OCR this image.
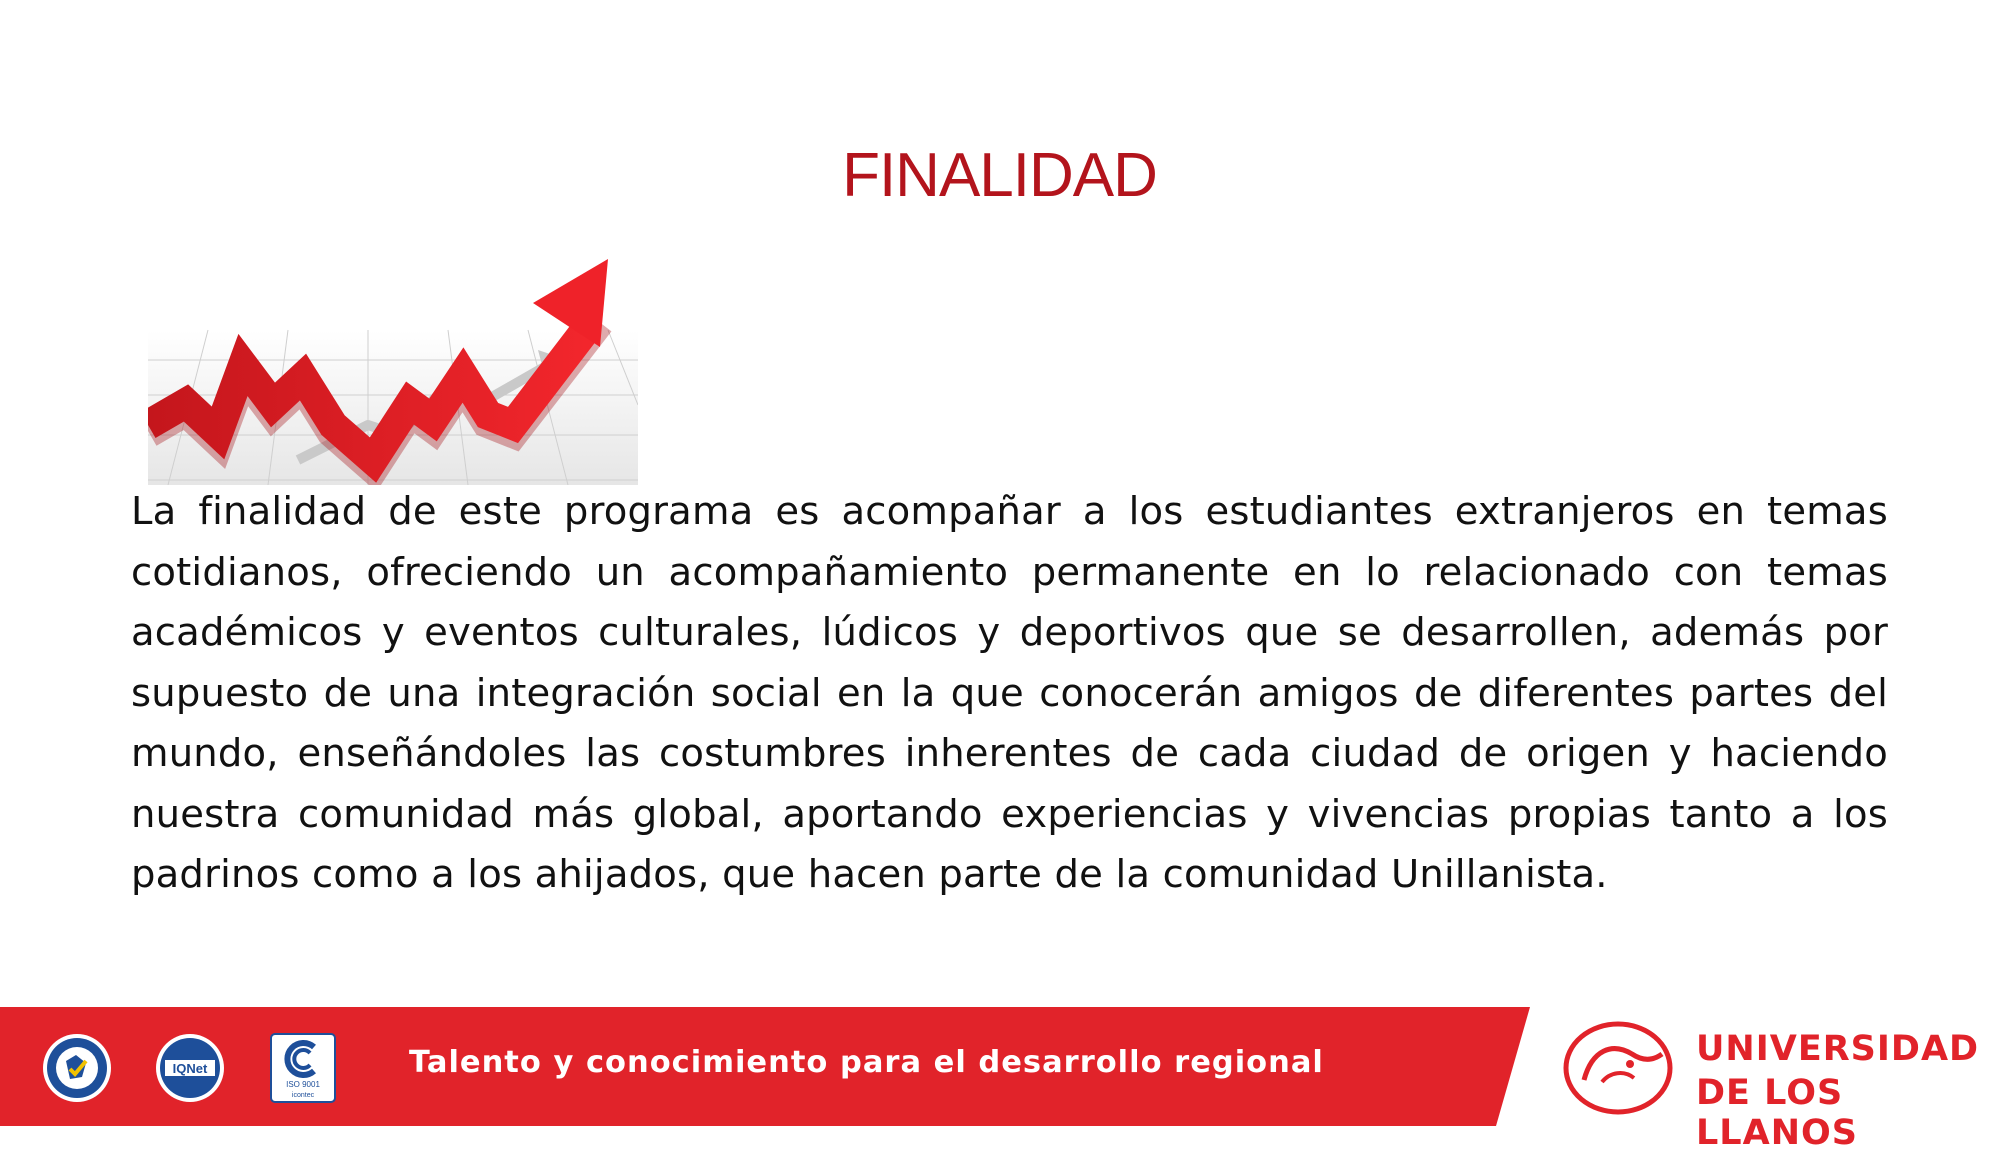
FINALIDAD
La finalidad de este programa es acompañar a los estudiantes extranjeros en temas cotidianos, ofreciendo un acompañamiento permanente en lo relacionado con temas académicos y eventos culturales, lúdicos y deportivos que se desarrollen, además por supuesto de una integración social en la que conocerán amigos de diferentes partes del mundo, enseñándoles las costumbres inherentes de cada ciudad de origen y haciendo nuestra comunidad más global, aportando experiencias y vivencias propias tanto a los padrinos como a los ahijados, que hacen parte de la comunidad Unillanista.
IQNet
ISO 9001
icontec
Talento y conocimiento para el desarrollo regional	UNIVERSIDAD
DE LOS LLANOS
